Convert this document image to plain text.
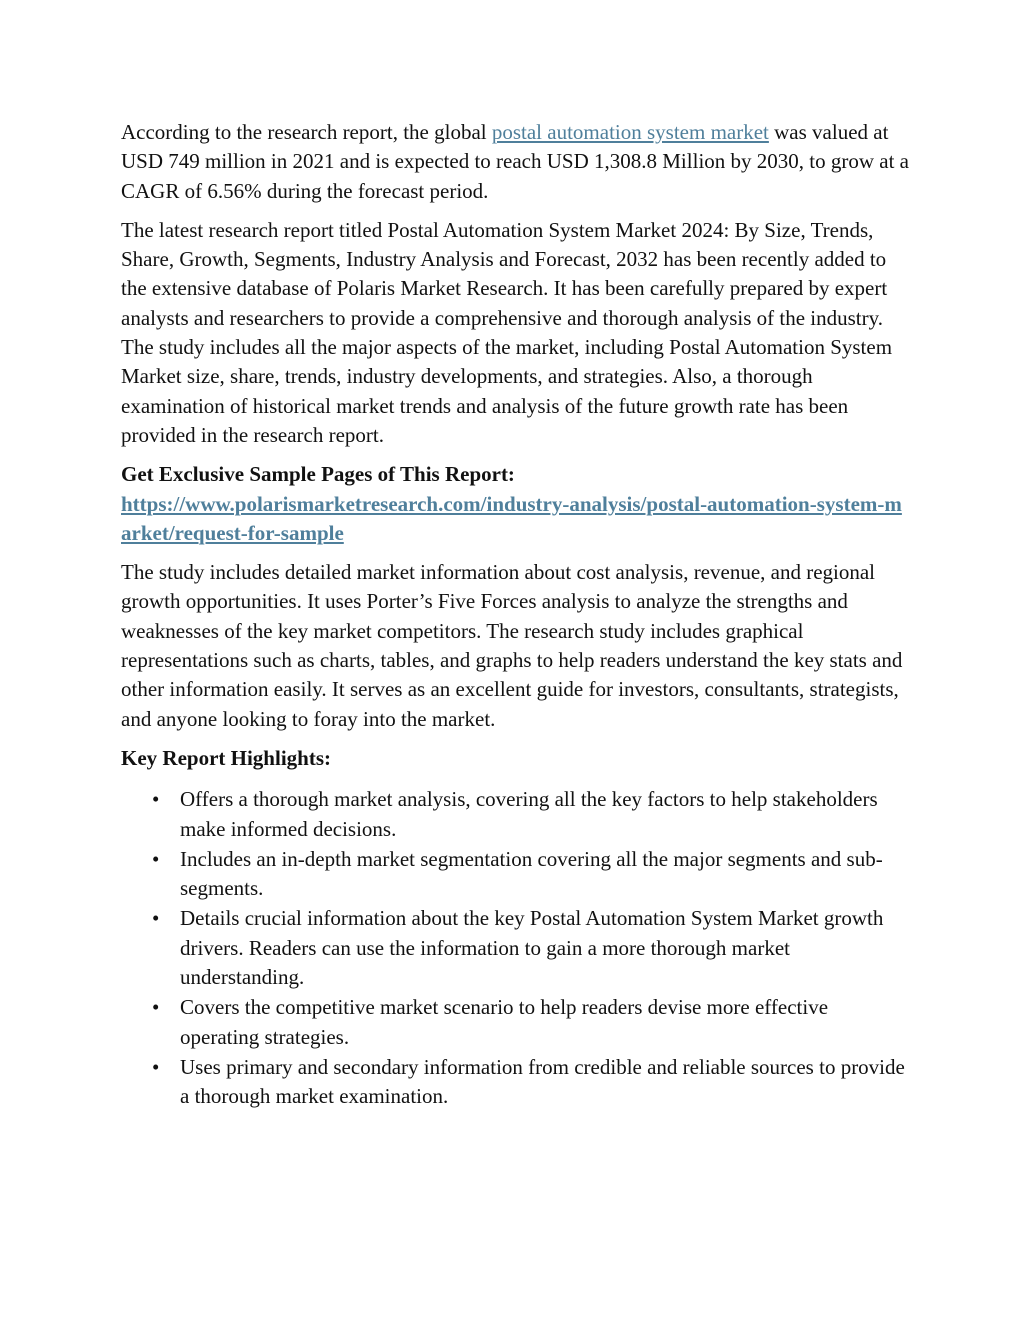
According to the research report, the global postal automation system market was valued at USD 749 million in 2021 and is expected to reach USD 1,308.8 Million by 2030, to grow at a CAGR of 6.56% during the forecast period.

The latest research report titled Postal Automation System Market 2024: By Size, Trends, Share, Growth, Segments, Industry Analysis and Forecast, 2032 has been recently added to the extensive database of Polaris Market Research. It has been carefully prepared by expert analysts and researchers to provide a comprehensive and thorough analysis of the industry. The study includes all the major aspects of the market, including Postal Automation System Market size, share, trends, industry developments, and strategies. Also, a thorough examination of historical market trends and analysis of the future growth rate has been provided in the research report.

Get Exclusive Sample Pages of This Report:

https://www.polarismarketresearch.com/industry-analysis/postal-automation-system-market/request-for-sample

The study includes detailed market information about cost analysis, revenue, and regional growth opportunities. It uses Porter’s Five Forces analysis to analyze the strengths and weaknesses of the key market competitors. The research study includes graphical representations such as charts, tables, and graphs to help readers understand the key stats and other information easily. It serves as an excellent guide for investors, consultants, strategists, and anyone looking to foray into the market.

Key Report Highlights:

• Offers a thorough market analysis, covering all the key factors to help stakeholders make informed decisions.
• Includes an in-depth market segmentation covering all the major segments and sub-segments.
• Details crucial information about the key Postal Automation System Market growth drivers. Readers can use the information to gain a more thorough market understanding.
• Covers the competitive market scenario to help readers devise more effective operating strategies.
• Uses primary and secondary information from credible and reliable sources to provide a thorough market examination.
